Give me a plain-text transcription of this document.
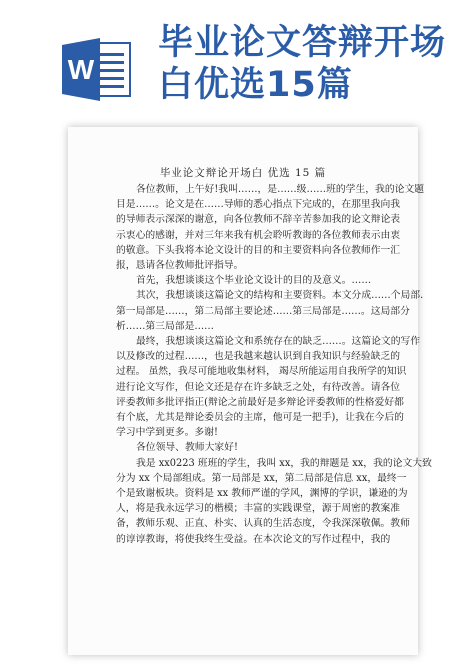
W
毕业论文答辩开场
白优选15篇
毕业论文辩论开场白 优选 15 篇
各位教师，上午好!我叫……，是……级……班的学生，我的论文题
目是……。论文是在……导师的悉心指点下完成的，在那里我向我
的导师表示深深的谢意，向各位教师不辞辛苦参加我的论文辩论表
示衷心的感谢，并对三年来我有机会聆听教诲的各位教师表示由衷
的敬意。下头我将本论文设计的目的和主要资料向各位教师作一汇
报，恳请各位教师批评指导。
首先，我想谈谈这个毕业论文设计的目的及意义。……
其次，我想谈谈这篇论文的结构和主要资料。本文分成……个局部.
第一局部是……，第二局部主要论述……第三局部是……。这局部分
析……第三局部是……
最终，我想谈谈这篇论文和系统存在的缺乏……。这篇论文的写作
以及修改的过程……，也是我越来越认识到自我知识与经验缺乏的
过程。 虽然，我尽可能地收集材料， 竭尽所能运用自我所学的知识
进行论文写作，但论文还是存在许多缺乏之处，有待改善。请各位
评委教师多批评指正(辩论之前最好是多辩论评委教师的性格爱好都
有个底，尤其是辩论委员会的主席，他可是一把手)，让我在今后的
学习中学到更多。多谢!
各位领导、教师大家好!
我是 xx0223 班班的学生，我叫 xx，我的辩题是 xx，我的论文大致
分为 xx 个局部组成。第一局部是 xx，第二局部是信息 xx，最终一
个是致谢板块。资料是 xx 教师严谨的学风，渊博的学识，谦逊的为
人，将是我永远学习的楷模；丰富的实践课堂，源于周密的教案准
备，教师乐观、正直、朴实、认真的生活态度，令我深深敬佩。教师
的谆谆教诲，将使我终生受益。在本次论文的写作过程中，我的
